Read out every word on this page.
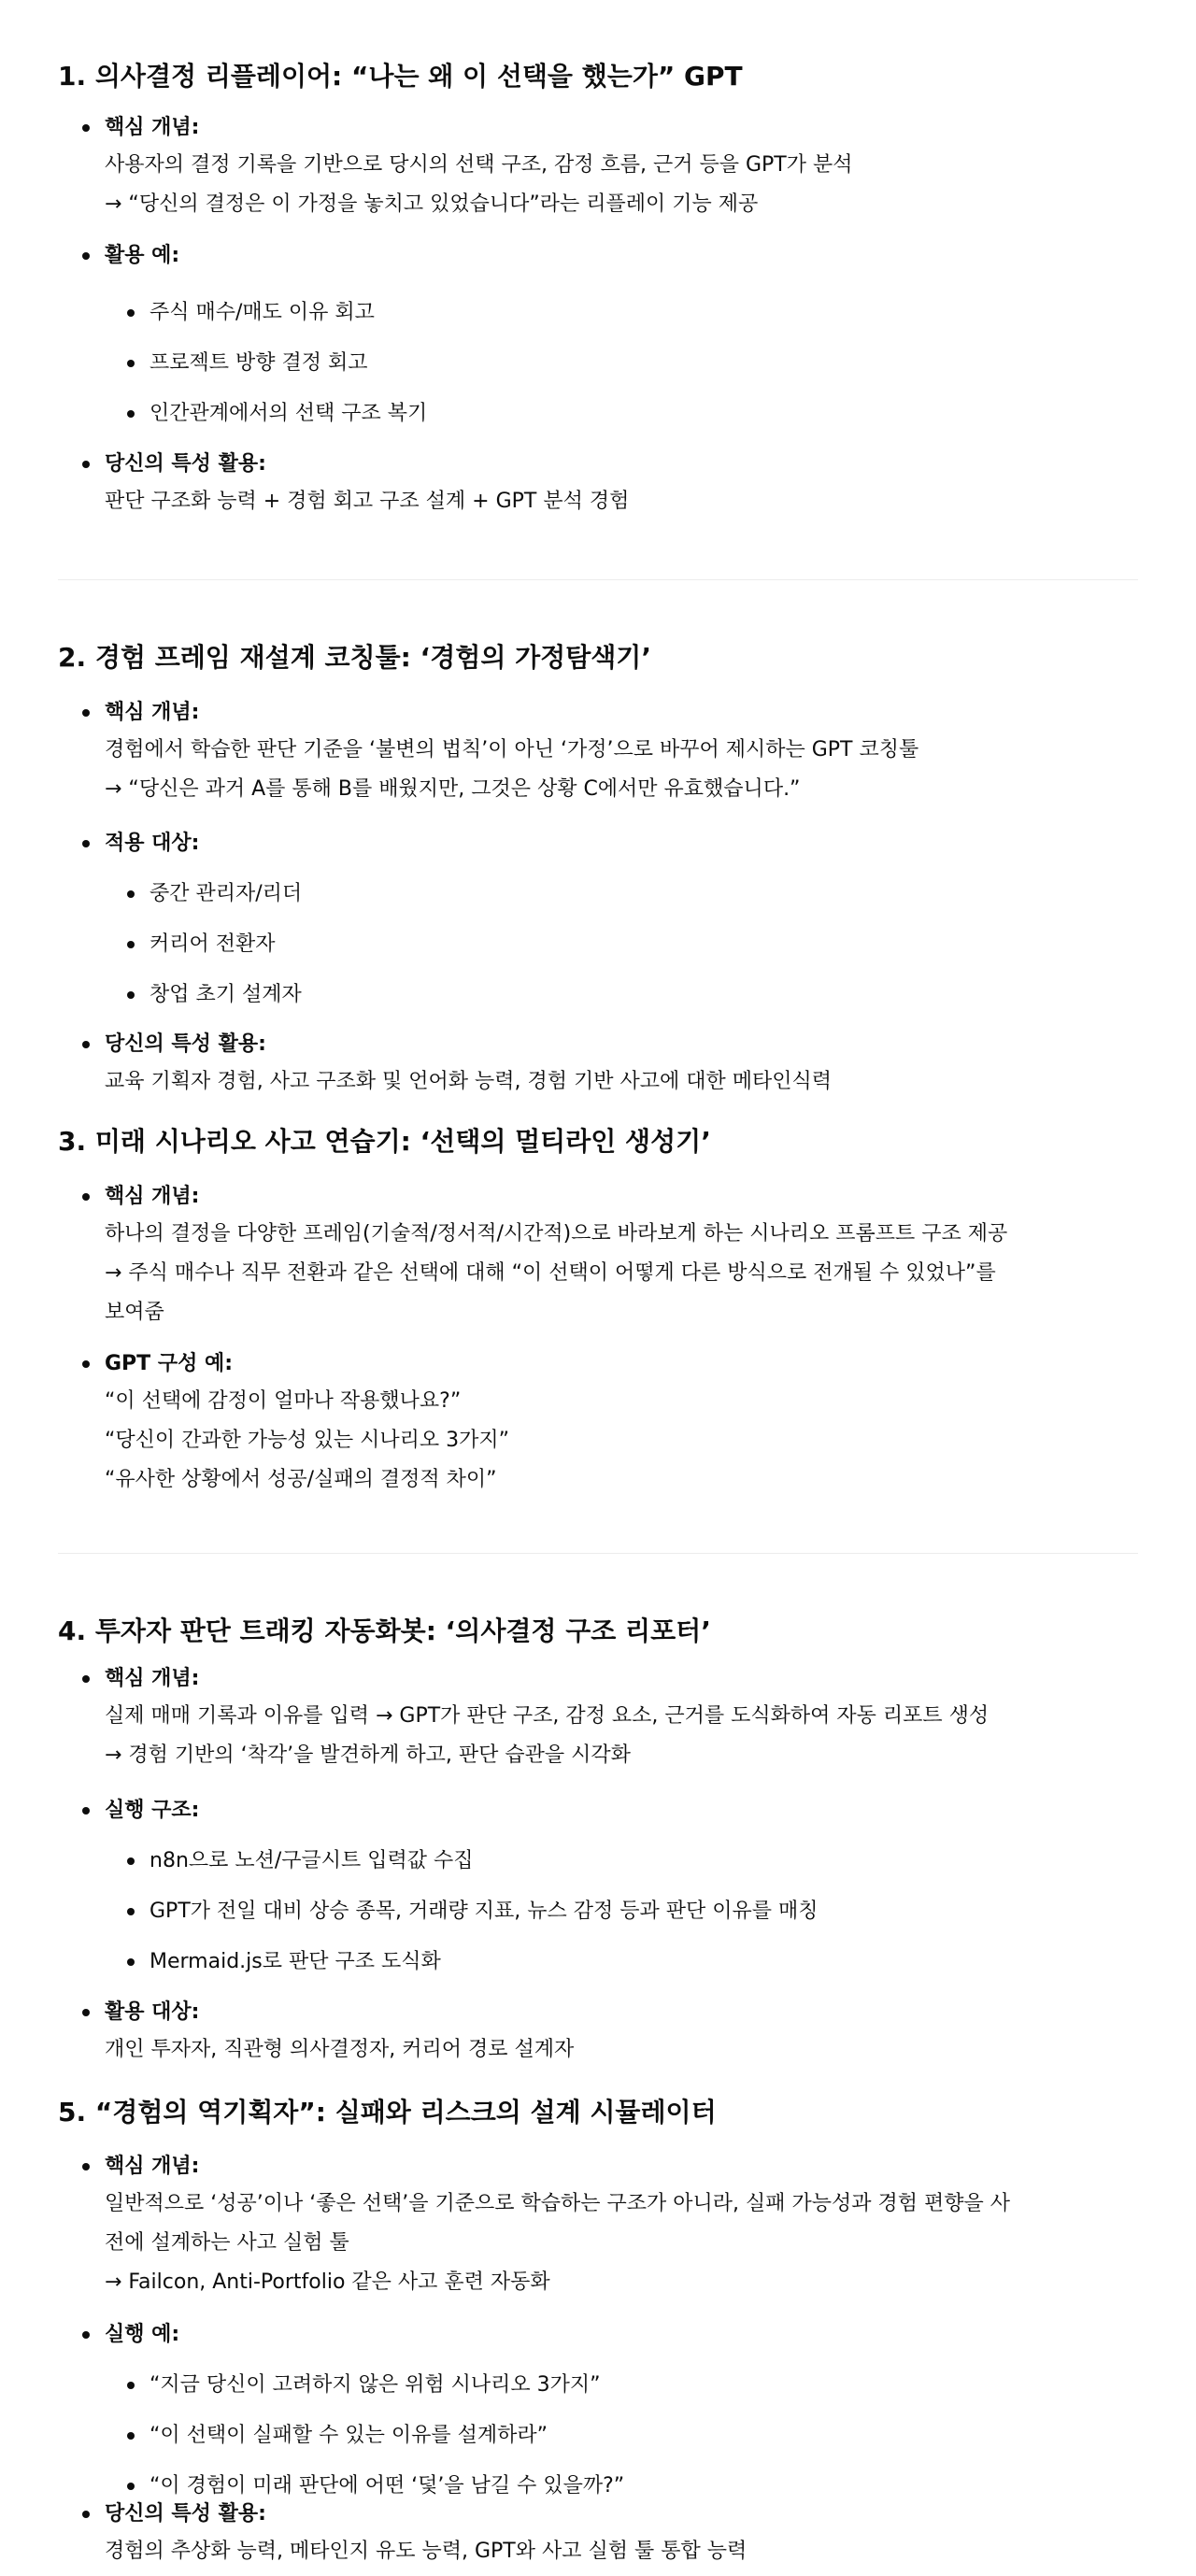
1. 의사결정 리플레이어: “나는 왜 이 선택을 했는가” GPT
핵심 개념:
사용자의 결정 기록을 기반으로 당시의 선택 구조, 감정 흐름, 근거 등을 GPT가 분석
→ “당신의 결정은 이 가정을 놓치고 있었습니다”라는 리플레이 기능 제공
활용 예:
주식 매수/매도 이유 회고
프로젝트 방향 결정 회고
인간관계에서의 선택 구조 복기
당신의 특성 활용:
판단 구조화 능력 + 경험 회고 구조 설계 + GPT 분석 경험
2. 경험 프레임 재설계 코칭툴: ‘경험의 가정탐색기’
핵심 개념:
경험에서 학습한 판단 기준을 ‘불변의 법칙’이 아닌 ‘가정’으로 바꾸어 제시하는 GPT 코칭툴
→ “당신은 과거 A를 통해 B를 배웠지만, 그것은 상황 C에서만 유효했습니다.”
적용 대상:
중간 관리자/리더
커리어 전환자
창업 초기 설계자
당신의 특성 활용:
교육 기획자 경험, 사고 구조화 및 언어화 능력, 경험 기반 사고에 대한 메타인식력
3. 미래 시나리오 사고 연습기: ‘선택의 멀티라인 생성기’
핵심 개념:
하나의 결정을 다양한 프레임(기술적/정서적/시간적)으로 바라보게 하는 시나리오 프롬프트 구조 제공
→ 주식 매수나 직무 전환과 같은 선택에 대해 “이 선택이 어떻게 다른 방식으로 전개될 수 있었나”를
보여줌
GPT 구성 예:
“이 선택에 감정이 얼마나 작용했나요?”
“당신이 간과한 가능성 있는 시나리오 3가지”
“유사한 상황에서 성공/실패의 결정적 차이”
4. 투자자 판단 트래킹 자동화봇: ‘의사결정 구조 리포터’
핵심 개념:
실제 매매 기록과 이유를 입력 → GPT가 판단 구조, 감정 요소, 근거를 도식화하여 자동 리포트 생성
→ 경험 기반의 ‘착각’을 발견하게 하고, 판단 습관을 시각화
실행 구조:
n8n으로 노션/구글시트 입력값 수집
GPT가 전일 대비 상승 종목, 거래량 지표, 뉴스 감정 등과 판단 이유를 매칭
Mermaid.js로 판단 구조 도식화
활용 대상:
개인 투자자, 직관형 의사결정자, 커리어 경로 설계자
5. “경험의 역기획자”: 실패와 리스크의 설계 시뮬레이터
핵심 개념:
일반적으로 ‘성공’이나 ‘좋은 선택’을 기준으로 학습하는 구조가 아니라, 실패 가능성과 경험 편향을 사
전에 설계하는 사고 실험 툴
→ Failcon, Anti-Portfolio 같은 사고 훈련 자동화
실행 예:
“지금 당신이 고려하지 않은 위험 시나리오 3가지”
“이 선택이 실패할 수 있는 이유를 설계하라”
“이 경험이 미래 판단에 어떤 ‘덫’을 남길 수 있을까?”
당신의 특성 활용:
경험의 추상화 능력, 메타인지 유도 능력, GPT와 사고 실험 툴 통합 능력
